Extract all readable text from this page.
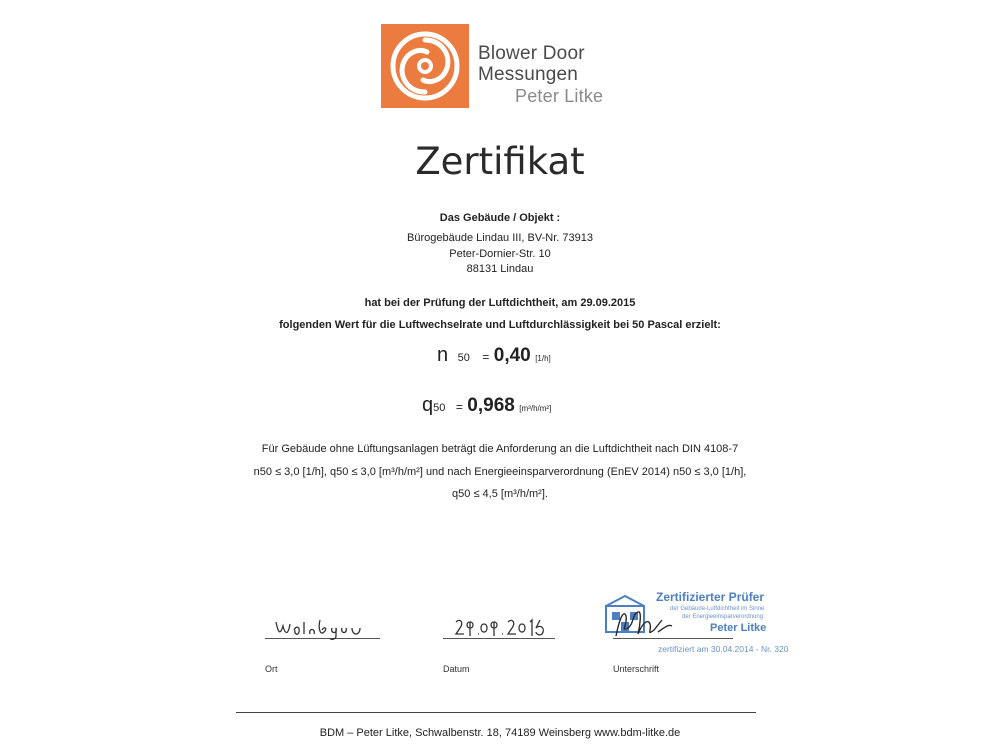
Blower Door
Messungen
Peter Litke
Zertifikat
Das Gebäude / Objekt :
Bürogebäude Lindau III, BV-Nr. 73913
Peter-Dornier-Str. 10
88131 Lindau
hat bei der Prüfung der Luftdichtheit, am 29.09.2015
folgenden Wert für die Luftwechselrate und Luftdurchlässigkeit bei 50 Pascal erzielt:
n 50 = 0,40 [1/h]
q50 = 0,968 [m³/h/m²]
Für Gebäude ohne Lüftungsanlagen beträgt die Anforderung an die Luftdichtheit nach DIN 4108-7
n50 ≤ 3,0 [1/h], q50 ≤ 3,0 [m³/h/m²] und nach Energieeinsparverordnung (EnEV 2014) n50 ≤ 3,0 [1/h],
q50 ≤ 4,5 [m³/h/m²].
Zertifizierter Prüfer
der Gebäude-Luftdichtheit im Sinne
der Energieeinsparverordnung
Peter Litke
zertifiziert am 30.04.2014 - Nr. 320
Ort	Datum	Unterschrift
BDM – Peter Litke, Schwalbenstr. 18, 74189 Weinsberg www.bdm-litke.de
